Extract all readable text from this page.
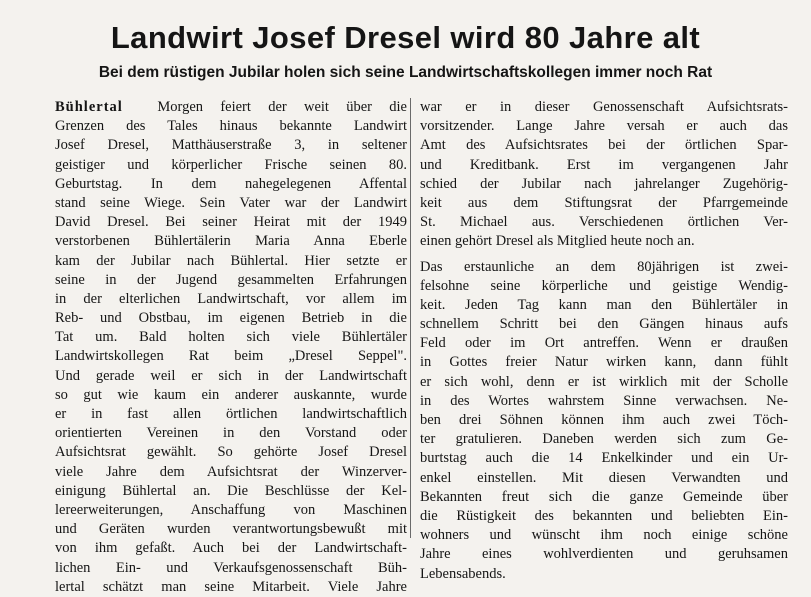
Landwirt Josef Dresel wird 80 Jahre alt
Bei dem rüstigen Jubilar holen sich seine Landwirtschaftskollegen immer noch Rat
Bühlertal Morgen feiert der weit über die
Grenzen des Tales hinaus bekannte Landwirt
Josef Dresel, Matthäuserstraße 3, in seltener
geistiger und körperlicher Frische seinen 80.
Geburtstag. In dem nahegelegenen Affental
stand seine Wiege. Sein Vater war der Landwirt
David Dresel. Bei seiner Heirat mit der 1949
verstorbenen Bühlertälerin Maria Anna Eberle
kam der Jubilar nach Bühlertal. Hier setzte er
seine in der Jugend gesammelten Erfahrungen
in der elterlichen Landwirtschaft, vor allem im
Reb- und Obstbau, im eigenen Betrieb in die
Tat um. Bald holten sich viele Bühlertäler
Landwirtskollegen Rat beim „Dresel Seppel".
Und gerade weil er sich in der Landwirtschaft
so gut wie kaum ein anderer auskannte, wurde
er in fast allen örtlichen landwirtschaftlich
orientierten Vereinen in den Vorstand oder
Aufsichtsrat gewählt. So gehörte Josef Dresel
viele Jahre dem Aufsichtsrat der Winzerver-
einigung Bühlertal an. Die Beschlüsse der Kel-
lereerweiterungen, Anschaffung von Maschinen
und Geräten wurden verantwortungsbewußt mit
von ihm gefaßt. Auch bei der Landwirtschaft-
lichen Ein- und Verkaufsgenossenschaft Büh-
lertal schätzt man seine Mitarbeit. Viele Jahre
war er in dieser Genossenschaft Aufsichtsrats-
vorsitzender. Lange Jahre versah er auch das
Amt des Aufsichtsrates bei der örtlichen Spar-
und Kreditbank. Erst im vergangenen Jahr
schied der Jubilar nach jahrelanger Zugehörig-
keit aus dem Stiftungsrat der Pfarrgemeinde
St. Michael aus. Verschiedenen örtlichen Ver-
einen gehört Dresel als Mitglied heute noch an.
Das erstaunliche an dem 80jährigen ist zwei-
felsohne seine körperliche und geistige Wendig-
keit. Jeden Tag kann man den Bühlertäler in
schnellem Schritt bei den Gängen hinaus aufs
Feld oder im Ort antreffen. Wenn er draußen
in Gottes freier Natur wirken kann, dann fühlt
er sich wohl, denn er ist wirklich mit der Scholle
in des Wortes wahrstem Sinne verwachsen. Ne-
ben drei Söhnen können ihm auch zwei Töch-
ter gratulieren. Daneben werden sich zum Ge-
burtstag auch die 14 Enkelkinder und ein Ur-
enkel einstellen. Mit diesen Verwandten und
Bekannten freut sich die ganze Gemeinde über
die Rüstigkeit des bekannten und beliebten Ein-
wohners und wünscht ihm noch einige schöne
Jahre eines wohlverdienten und geruhsamen
Lebensabends.
